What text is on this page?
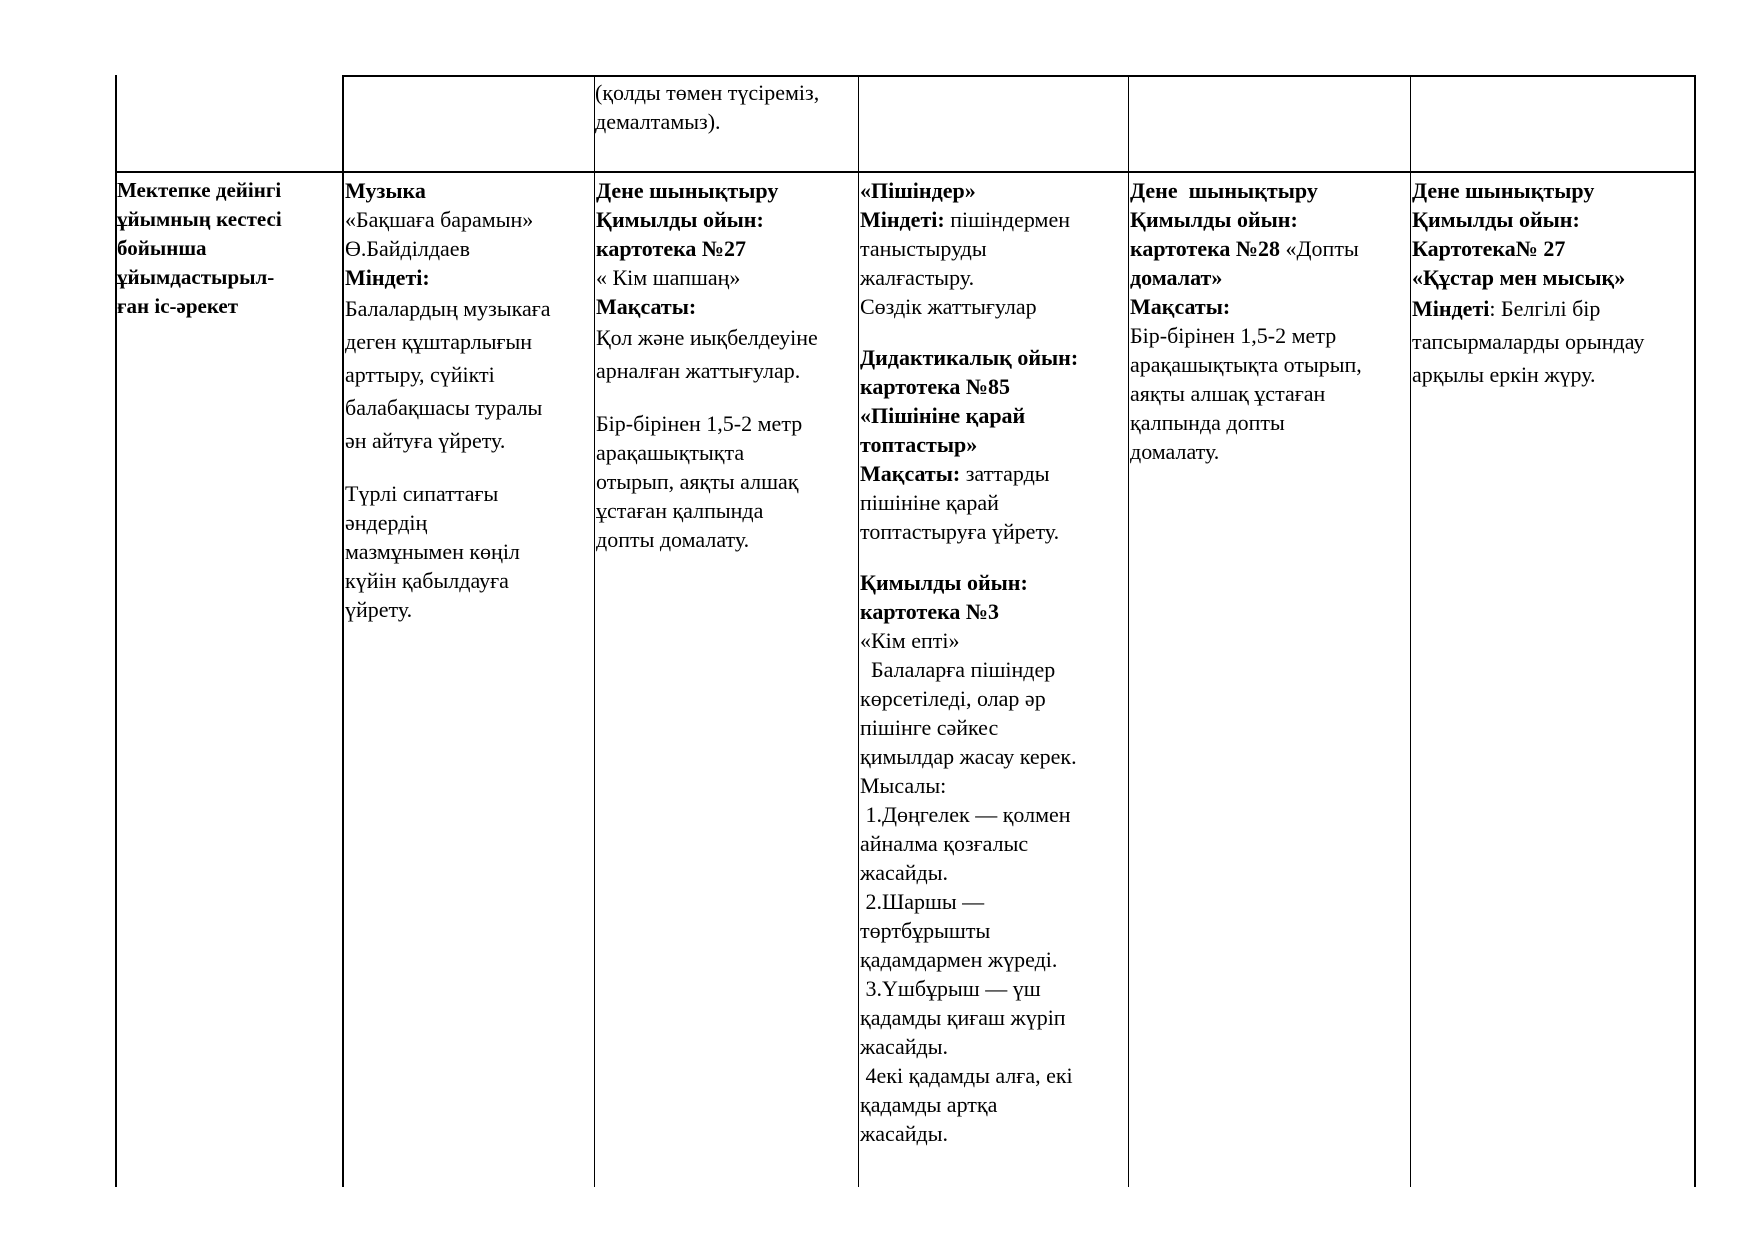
(қолды төмен түсіреміз,

демалтамыз).

Мектепке дейінгі

ұйымның кестесі

бойынша

ұйымдастырыл-

ған іс-әрекет

Музыка

«Бақшаға барамын»

Ө.Байділдаев

Міндеті:

Балалардың музыкаға

деген құштарлығын

арттыру, сүйікті

балабақшасы туралы

ән айтуға үйрету.

Түрлі сипаттағы

әндердің

мазмұнымен көңіл

күйін қабылдауға

үйрету.

Дене шынықтыру

Қимылды ойын:

картотека №27

« Кім шапшаң»

Мақсаты:

Қол және иықбелдеуіне

арналған жаттығулар.

Бір-бірінен 1,5-2 метр

арақашықтықта

отырып, аяқты алшақ

ұстаған қалпында

допты домалату.

«Пішіндер»

Міндеті: пішіндермен

таныстыруды

жалғастыру.

Сөздік жаттығулар

Дидактикалық ойын:

картотека №85

«Пішініне қарай

топтастыр»

Мақсаты: заттарды

пішініне қарай

топтастыруға үйрету.

Қимылды ойын:

картотека №3

«Кім епті»

Балаларға пішіндер

көрсетіледі, олар әр

пішінге сәйкес

қимылдар жасау керек.

Мысалы:

1.Дөңгелек — қолмен

айналма қозғалыс

жасайды.

2.Шаршы —

төртбұрышты

қадамдармен жүреді.

3.Үшбұрыш — үш

қадамды қиғаш жүріп

жасайды.

4екі қадамды алға, екі

қадамды артқа

жасайды.

Дене  шынықтыру

Қимылды ойын:

картотека №28 «Допты

домалат»

Мақсаты:

Бір-бірінен 1,5-2 метр

арақашықтықта отырып,

аяқты алшақ ұстаған

қалпында допты

домалату.

Дене шынықтыру

Қимылды ойын:

Картотека№ 27

«Құстар мен мысық»

Міндеті: Белгілі бір

тапсырмаларды орындау

арқылы еркін жүру.
